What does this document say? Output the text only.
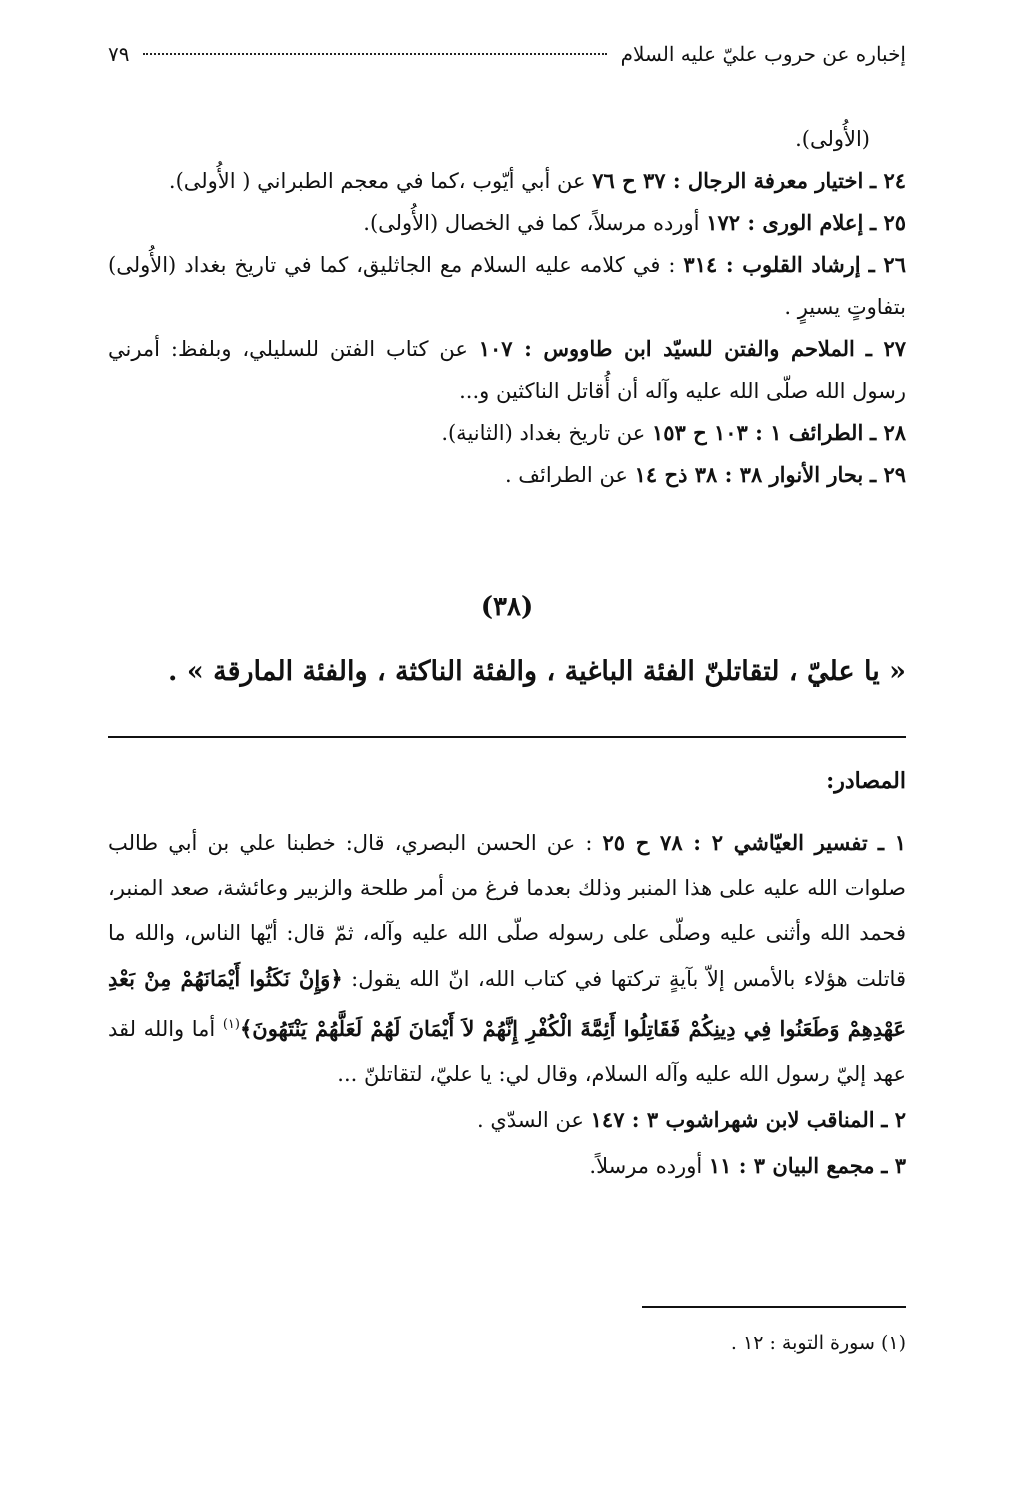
إخباره عن حروب عليّ عليه السلام
٧٩

(الأُولى).

٢٤ ـ اختيار معرفة الرجال : ٣٧ ح ٧٦ عن أبي أيّوب ،كما في معجم الطبراني ( الأُولى).

٢٥ ـ إعلام الورى : ١٧٢ أورده مرسلاً، كما في الخصال (الأُولى).

٢٦ ـ إرشاد القلوب : ٣١٤ : في كلامه عليه السلام مع الجاثليق، كما في تاريخ بغداد (الأُولى) بتفاوتٍ يسيرٍ .

٢٧ ـ الملاحم والفتن للسيّد ابن طاووس : ١٠٧ عن كتاب الفتن للسليلي، وبلفظ: أمرني رسول الله صلّى الله عليه وآله أن أُقاتل الناكثين و...

٢٨ ـ الطرائف ١ : ١٠٣ ح ١٥٣ عن تاريخ بغداد (الثانية).

٢٩ ـ بحار الأنوار ٣٨ : ٣٨ ذح ١٤ عن الطرائف .

(٣٨)
« يا عليّ ، لتقاتلنّ الفئة الباغية ، والفئة الناكثة ، والفئة المارقة » .
المصادر:

١ ـ تفسير العيّاشي ٢ : ٧٨ ح ٢٥ : عن الحسن البصري، قال: خطبنا علي بن أبي طالب صلوات الله عليه على هذا المنبر وذلك بعدما فرغ من أمر طلحة والزبير وعائشة، صعد المنبر، فحمد الله وأثنى عليه وصلّى على رسوله صلّى الله عليه وآله، ثمّ قال: أيّها الناس، والله ما قاتلت هؤلاء بالأمس إلاّ بآيةٍ تركتها في كتاب الله، انّ الله يقول: ﴿وَإِنْ نَكَثُوا أَيْمَانَهُمْ مِنْ بَعْدِ عَهْدِهِمْ وَطَعَنُوا فِي دِينِكُمْ فَقَاتِلُوا أَئِمَّةَ الْكُفْرِ إِنَّهُمْ لاَ أَيْمَانَ لَهُمْ لَعَلَّهُمْ يَنْتَهُونَ﴾$^{(١)}$ أما والله لقد عهد إليّ رسول الله عليه وآله السلام، وقال لي: يا عليّ، لتقاتلنّ ...

٢ ـ المناقب لابن شهراشوب ٣ : ١٤٧ عن السدّي .

٣ ـ مجمع البيان ٣ : ١١ أورده مرسلاً.

(١) سورة التوبة : ١٢ .
